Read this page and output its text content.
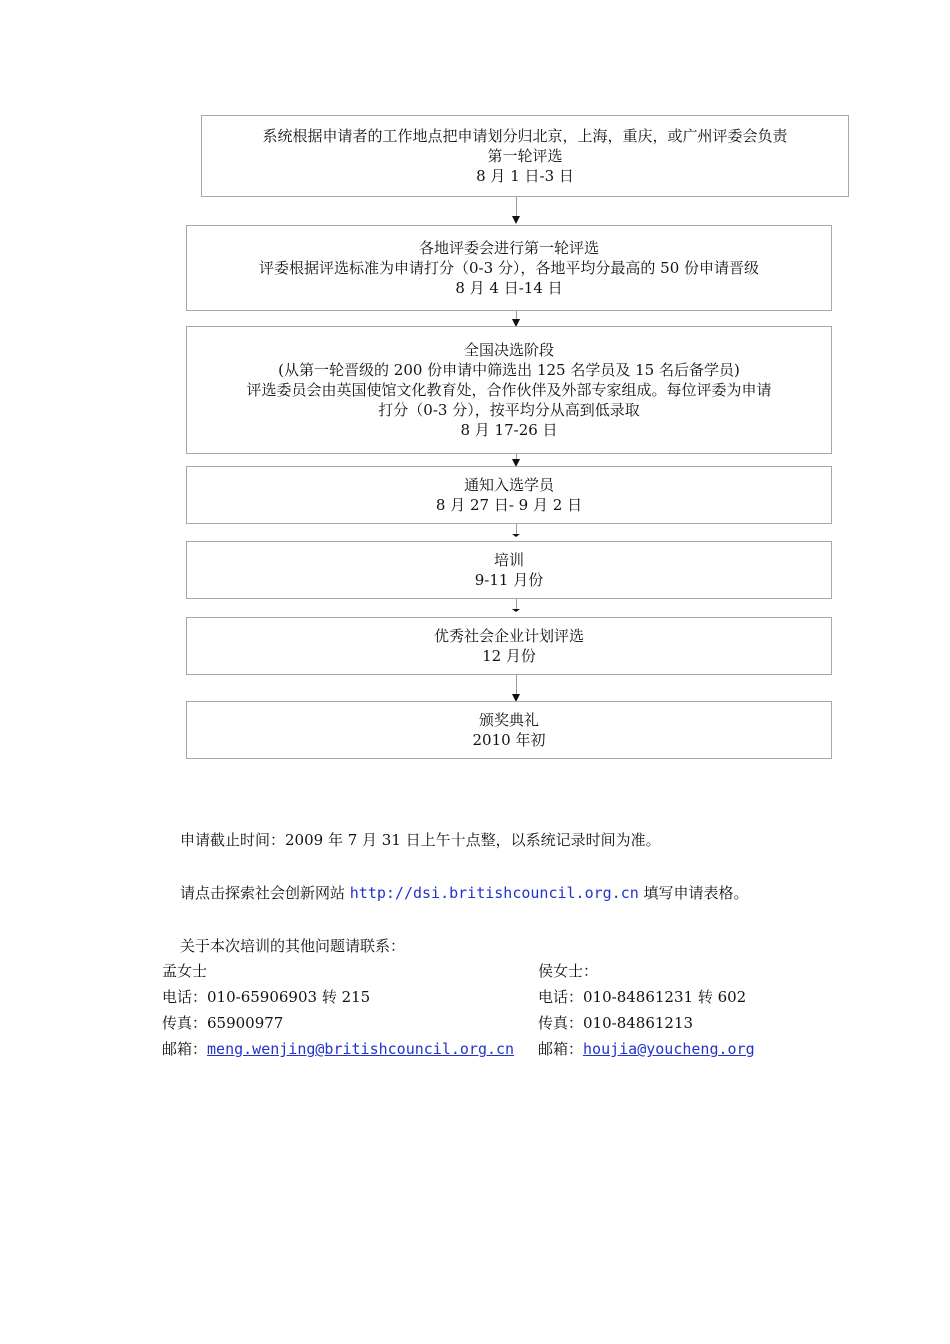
系统根据申请者的工作地点把申请划分归北京，上海，重庆，或广州评委会负责
第一轮评选
8 月 1 日-3 日
各地评委会进行第一轮评选
评委根据评选标准为申请打分（0-3 分），各地平均分最高的 50 份申请晋级
8 月 4 日-14 日
全国决选阶段
(从第一轮晋级的 200 份申请中筛选出 125 名学员及 15 名后备学员)
评选委员会由英国使馆文化教育处，合作伙伴及外部专家组成。每位评委为申请
打分（0-3 分），按平均分从高到低录取
8 月 17-26 日
通知入选学员
8 月 27 日- 9 月 2 日
培训
9-11 月份
优秀社会企业计划评选
12 月份
颁奖典礼
2010 年初
申请截止时间：2009 年 7 月 31 日上午十点整，以系统记录时间为准。
请点击探索社会创新网站 http://dsi.britishcouncil.org.cn 填写申请表格。
关于本次培训的其他问题请联系：
孟女士
电话：010-65906903 转 215
传真：65900977
邮箱：meng.wenjing@britishcouncil.org.cn
侯女士：
电话：010-84861231 转 602
传真：010-84861213
邮箱：houjia@youcheng.org
